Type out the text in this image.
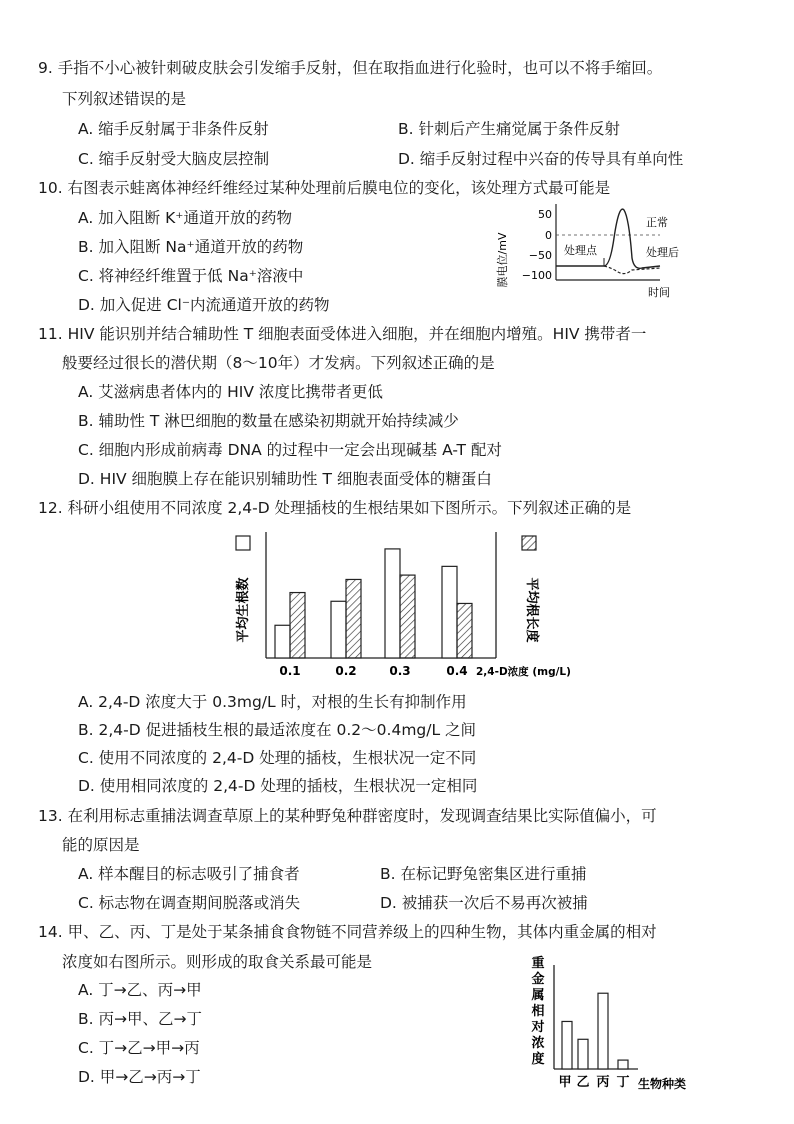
9. 手指不小心被针刺破皮肤会引发缩手反射，但在取指血进行化验时，也可以不将手缩回。
下列叙述错误的是
A. 缩手反射属于非条件反射	B. 针刺后产生痛觉属于条件反射
C. 缩手反射受大脑皮层控制	D. 缩手反射过程中兴奋的传导具有单向性
10. 右图表示蛙离体神经纤维经过某种处理前后膜电位的变化，该处理方式最可能是
A. 加入阻断 K⁺通道开放的药物
B. 加入阻断 Na⁺通道开放的药物
C. 将神经纤维置于低 Na⁺溶液中
D. 加入促进 Cl⁻内流通道开放的药物
膜电位/mV
50
0
−50
−100
处理点
正常
处理后
时间
11. HIV 能识别并结合辅助性 T 细胞表面受体进入细胞，并在细胞内增殖。HIV 携带者一
般要经过很长的潜伏期（8～10年）才发病。下列叙述正确的是
A. 艾滋病患者体内的 HIV 浓度比携带者更低
B. 辅助性 T 淋巴细胞的数量在感染初期就开始持续减少
C. 细胞内形成前病毒 DNA 的过程中一定会出现碱基 A-T 配对
D. HIV 细胞膜上存在能识别辅助性 T 细胞表面受体的糖蛋白
12. 科研小组使用不同浓度 2,4-D 处理插枝的生根结果如下图所示。下列叙述正确的是
平均生根数	平均根长度
0.1	0.2	0.3	0.4 2,4-D浓度 (mg/L)
A. 2,4-D 浓度大于 0.3mg/L 时，对根的生长有抑制作用
B. 2,4-D 促进插枝生根的最适浓度在 0.2～0.4mg/L 之间
C. 使用不同浓度的 2,4-D 处理的插枝，生根状况一定不同
D. 使用相同浓度的 2,4-D 处理的插枝，生根状况一定相同
13. 在利用标志重捕法调查草原上的某种野兔种群密度时，发现调查结果比实际值偏小，可
能的原因是
A. 样本醒目的标志吸引了捕食者	B. 在标记野兔密集区进行重捕
C. 标志物在调查期间脱落或消失	D. 被捕获一次后不易再次被捕
14. 甲、乙、丙、丁是处于某条捕食食物链不同营养级上的四种生物，其体内重金属的相对
浓度如右图所示。则形成的取食关系最可能是
A. 丁→乙、丙→甲
B. 丙→甲、乙→丁
C. 丁→乙→甲→丙
D. 甲→乙→丙→丁
重
金
属
相
对
浓
度
甲 乙 丙 丁 生物种类
